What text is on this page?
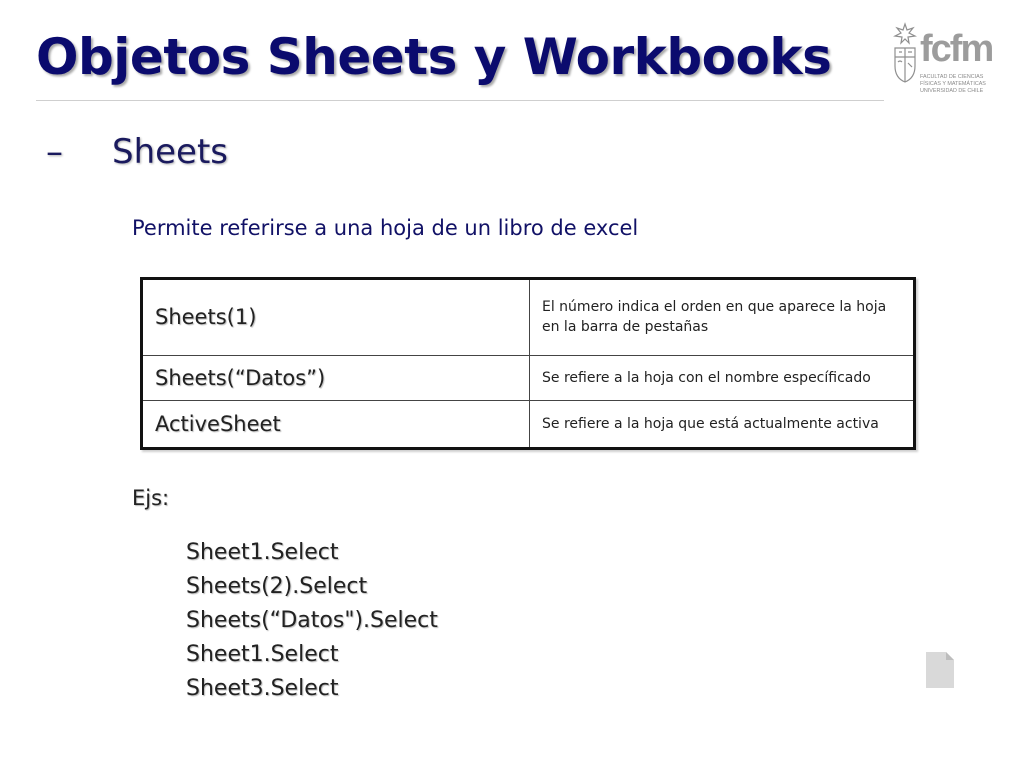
Objetos Sheets y Workbooks fcfm
FACULTAD DE CIENCIAS
FÍSICAS Y MATEMÁTICAS
UNIVERSIDAD DE CHILE
– Sheets
Permite referirse a una hoja de un libro de excel
Sheets(1)	El número indica el orden en que aparece la hoja en la barra de pestañas
Sheets(“Datos”)	Se refiere a la hoja con el nombre específicado
ActiveSheet	Se refiere a la hoja que está actualmente activa
Ejs:
Sheet1.Select
Sheets(2).Select
Sheets(“Datos").Select
Sheet1.Select
Sheet3.Select
